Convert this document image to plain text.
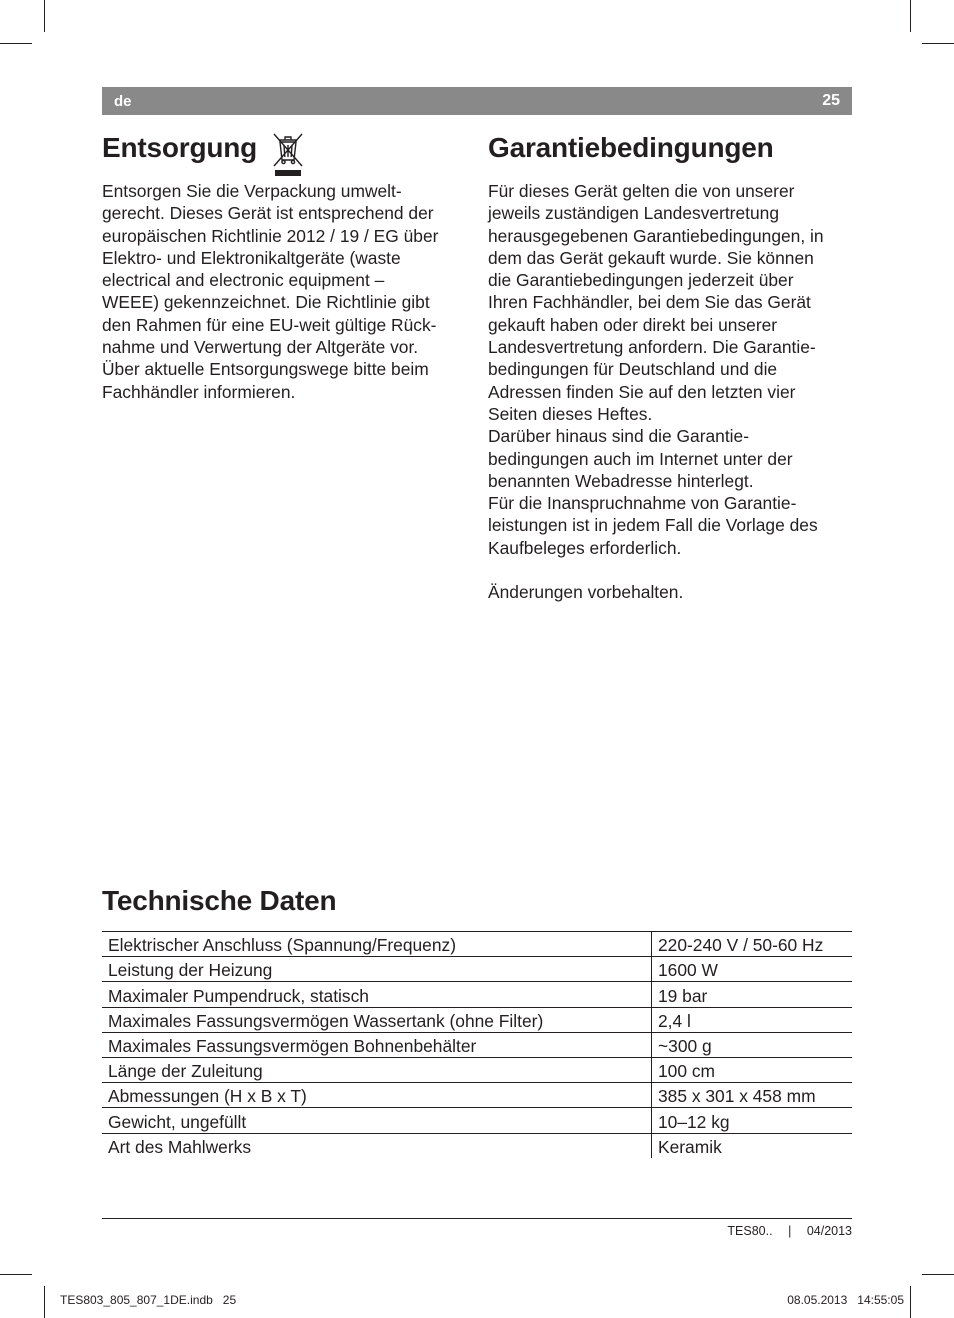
de	25
Entsorgung

Entsorgen Sie die Verpackung umwelt-

gerecht. Dieses Gerät ist entsprechend der

europäischen Richtlinie 2012 / 19 / EG über

Elektro- und Elektronikaltgeräte (waste

electrical and electronic equipment –

WEEE) gekennzeichnet. Die Richtlinie gibt

den Rahmen für eine EU-weit gültige Rück-

nahme und Verwertung der Altgeräte vor.

Über aktuelle Entsorgungswege bitte beim

Fachhändler informieren.

Garantiebedingungen

Für dieses Gerät gelten die von unserer

jeweils zuständigen Landesvertretung

herausgegebenen Garantiebedingungen, in

dem das Gerät gekauft wurde. Sie können

die Garantiebedingungen jederzeit über

Ihren Fachhändler, bei dem Sie das Gerät

gekauft haben oder direkt bei unserer

Landesvertretung anfordern. Die Garantie-

bedingungen für Deutschland und die

Adressen finden Sie auf den letzten vier

Seiten dieses Heftes.

Darüber hinaus sind die Garantie-

bedingungen auch im Internet unter der

benannten Webadresse hinterlegt.

Für die Inanspruchnahme von Garantie-

leistungen ist in jedem Fall die Vorlage des

Kaufbeleges erforderlich.

Änderungen vorbehalten.

Technische Daten
Elektrischer Anschluss (Spannung/Frequenz)	220-240 V / 50-60 Hz
Leistung der Heizung	1600 W
Maximaler Pumpendruck, statisch	19 bar
Maximales Fassungsvermögen Wassertank (ohne Filter)	2,4 l
Maximales Fassungsvermögen Bohnenbehälter	~300 g
Länge der Zuleitung	100 cm
Abmessungen (H x B x T)	385 x 301 x 458 mm
Gewicht, ungefüllt	10–12 kg
Art des Mahlwerks	Keramik
TES80.. | 04/2013
TES803_805_807_1DE.indb   25	08.05.2013   14:55:05
